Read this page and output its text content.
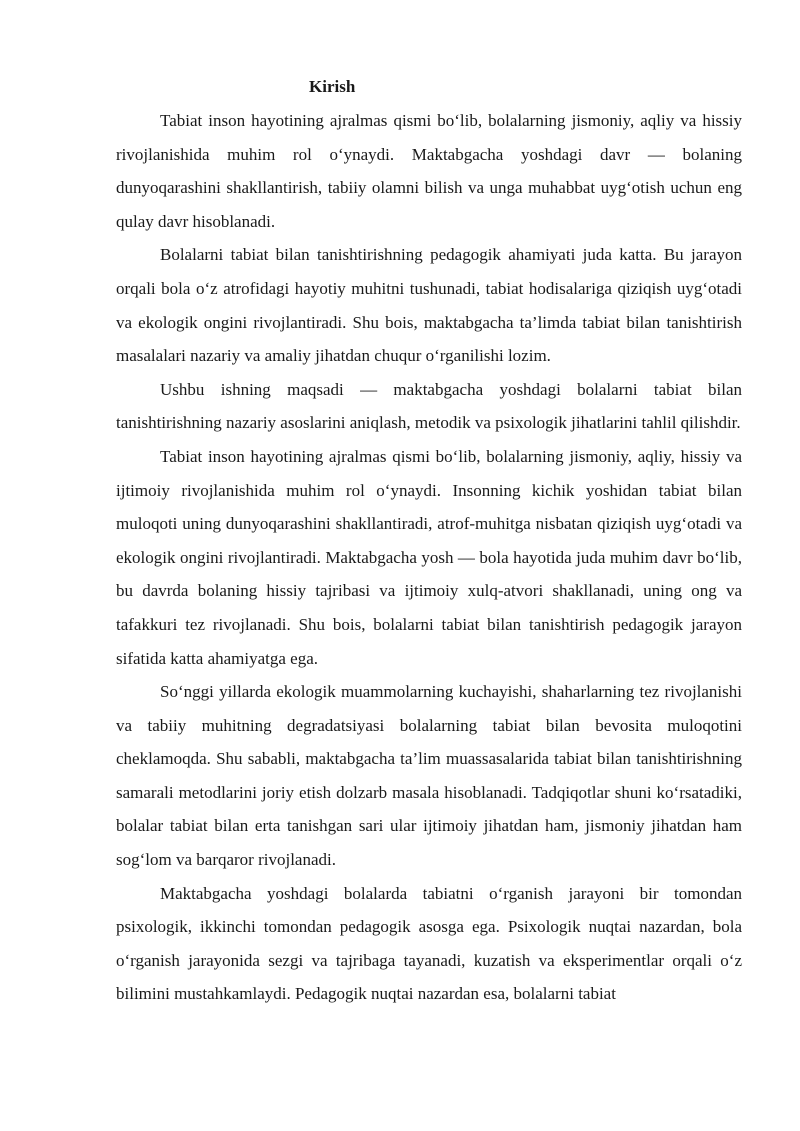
Kirish

Tabiat inson hayotining ajralmas qismi bo‘lib, bolalarning jismoniy, aqliy va hissiy rivojlanishida muhim rol o‘ynaydi. Maktabgacha yoshdagi davr — bolaning dunyoqarashini shakllantirish, tabiiy olamni bilish va unga muhabbat uyg‘otish uchun eng qulay davr hisoblanadi.

Bolalarni tabiat bilan tanishtirishning pedagogik ahamiyati juda katta. Bu jarayon orqali bola o‘z atrofidagi hayotiy muhitni tushunadi, tabiat hodisalariga qiziqish uyg‘otadi va ekologik ongini rivojlantiradi. Shu bois, maktabgacha ta’limda tabiat bilan tanishtirish masalalari nazariy va amaliy jihatdan chuqur o‘rganilishi lozim.

Ushbu ishning maqsadi — maktabgacha yoshdagi bolalarni tabiat bilan tanishtirishning nazariy asoslarini aniqlash, metodik va psixologik jihatlarini tahlil qilishdir.

Tabiat inson hayotining ajralmas qismi bo‘lib, bolalarning jismoniy, aqliy, hissiy va ijtimoiy rivojlanishida muhim rol o‘ynaydi. Insonning kichik yoshidan tabiat bilan muloqoti uning dunyoqarashini shakllantiradi, atrof-muhitga nisbatan qiziqish uyg‘otadi va ekologik ongini rivojlantiradi. Maktabgacha yosh — bola hayotida juda muhim davr bo‘lib, bu davrda bolaning hissiy tajribasi va ijtimoiy xulq-atvori shakllanadi, uning ong va tafakkuri tez rivojlanadi. Shu bois, bolalarni tabiat bilan tanishtirish pedagogik jarayon sifatida katta ahamiyatga ega.

So‘nggi yillarda ekologik muammolarning kuchayishi, shaharlarning tez rivojlanishi va tabiiy muhitning degradatsiyasi bolalarning tabiat bilan bevosita muloqotini cheklamoqda. Shu sababli, maktabgacha ta’lim muassasalarida tabiat bilan tanishtirishning samarali metodlarini joriy etish dolzarb masala hisoblanadi. Tadqiqotlar shuni ko‘rsatadiki, bolalar tabiat bilan erta tanishgan sari ular ijtimoiy jihatdan ham, jismoniy jihatdan ham sog‘lom va barqaror rivojlanadi.

Maktabgacha yoshdagi bolalarda tabiatni o‘rganish jarayoni bir tomondan psixologik, ikkinchi tomondan pedagogik asosga ega. Psixologik nuqtai nazardan, bola o‘rganish jarayonida sezgi va tajribaga tayanadi, kuzatish va eksperimentlar orqali o‘z bilimini mustahkamlaydi. Pedagogik nuqtai nazardan esa, bolalarni tabiat
